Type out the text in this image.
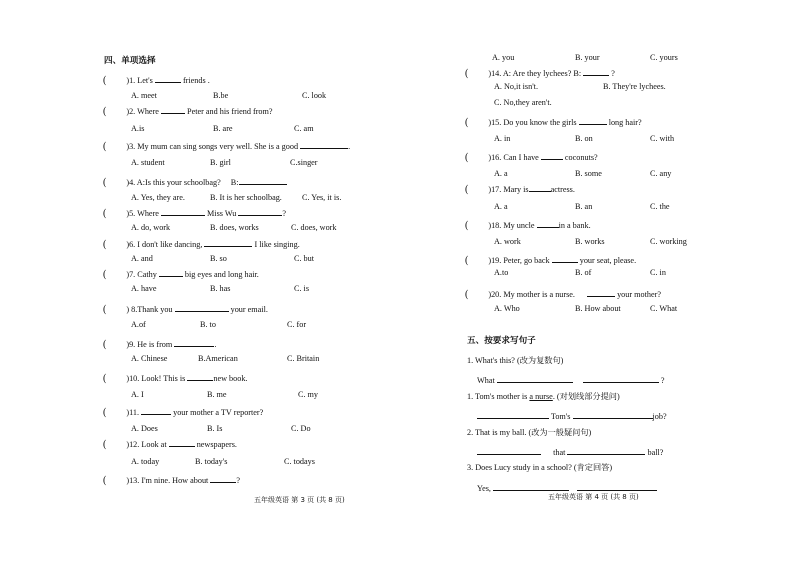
四、单项选择
( )1. Let's	friends .
A. meet	B.be	C. look
( )2. Where	Peter and his friend from?
A.is	B. are	C. am
( )3. My mum can sing songs very well. She is a good	.
A. student	B. girl	C.singer
( )4. A:Is this your schoolbag? B:
A. Yes, they are.	B. It is her schoolbag. C. Yes, it is.
( )5. Where	Miss Wu	?
A. do, work	B. does, works	C. does, work
( )6. I don't like dancing,	I like singing.
A. and	B. so	C. but
( )7. Cathy	big eyes and long hair.
A. have	B. has	C. is
( ) 8.Thank you	your email.
A.of	B. to	C. for
( )9. He is from	.
A. Chinese	B.American	C. Britain
( )10. Look! This is	new book.
A. I	B. me	C. my
( )11.	your mother a TV reporter?
A. Does	B. Is	C. Do
( )12. Look at	newspapers.
A. today	B. today's	C. todays
( )13. I'm nine. How about	?
五年级英语 第 3 页 (共 8 页)
A. you	B. your	C. yours
( )14. A: Are they lychees? B:	?
A. No,it isn't.	B. They're lychees.
C. No,they aren't.
( )15. Do you know the girls	long hair?
A. in	B. on	C. with
( )16. Can I have	coconuts?
A. a	B. some	C. any
( )17. Mary is	actress.
A. a	B. an	C. the
( )18. My uncle	in a bank.
A. work	B. works	C. working
( )19. Peter, go back	your seat, please.
A.to	B. of	C. in
( )20. My mother is a nurse.	your mother?
A. Who	B. How about	C. What
五、按要求写句子
1. What's this? (改为复数句)
What	?
1. Tom's mother is a nurse. (对划线部分提问)
Tom's	job?
2. That is my ball. (改为一般疑问句)
that	ball?
3. Does Lucy study in a school? (肯定回答)
Yes,
五年级英语 第 4 页 (共 8 页)
